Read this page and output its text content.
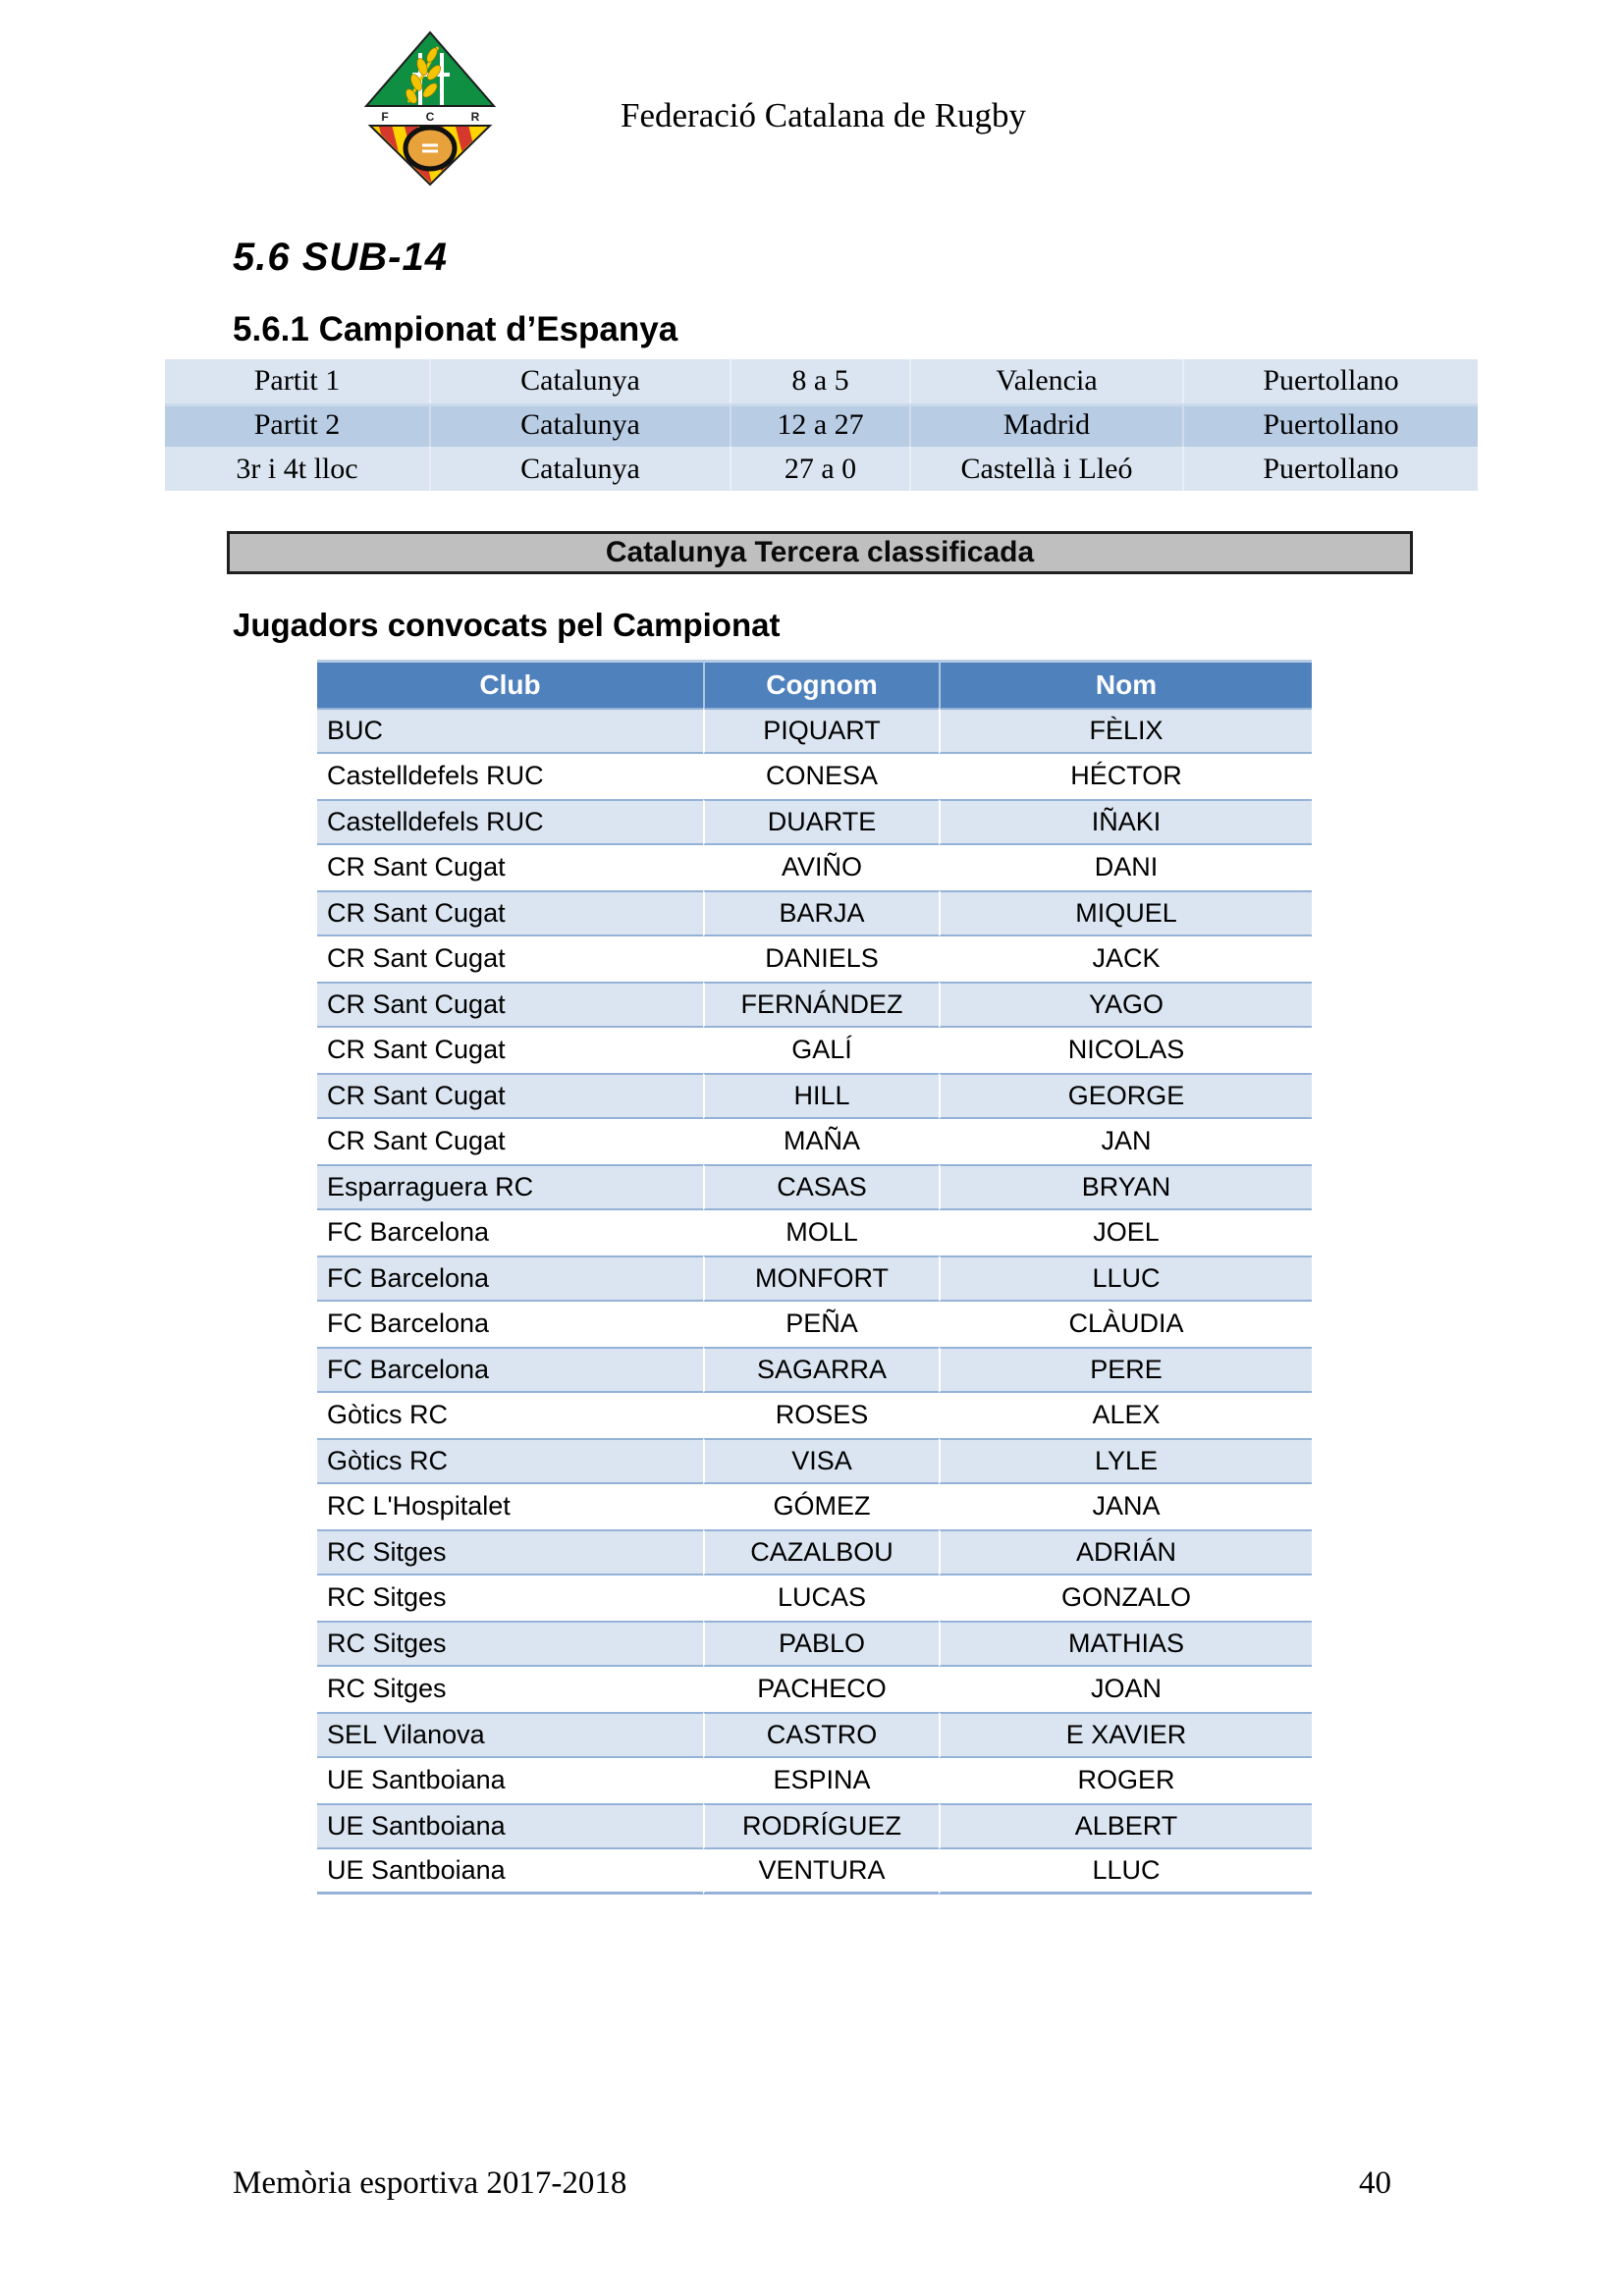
F	C	R	Federació Catalana de Rugby
5.6 SUB-14
5.6.1 Campionat d’Espanya
Partit 1	Catalunya	8 a 5	Valencia	Puertollano
Partit 2	Catalunya	12 a 27	Madrid	Puertollano
3r i 4t lloc	Catalunya	27 a 0	Castellà i Lleó	Puertollano
Catalunya Tercera classificada
Jugadors convocats pel Campionat
Club	Cognom	Nom
BUC	PIQUART	FÈLIX
Castelldefels RUC	CONESA	HÉCTOR
Castelldefels RUC	DUARTE	IÑAKI
CR Sant Cugat	AVIÑO	DANI
CR Sant Cugat	BARJA	MIQUEL
CR Sant Cugat	DANIELS	JACK
CR Sant Cugat	FERNÁNDEZ	YAGO
CR Sant Cugat	GALÍ	NICOLAS
CR Sant Cugat	HILL	GEORGE
CR Sant Cugat	MAÑA	JAN
Esparraguera RC	CASAS	BRYAN
FC Barcelona	MOLL	JOEL
FC Barcelona	MONFORT	LLUC
FC Barcelona	PEÑA	CLÀUDIA
FC Barcelona	SAGARRA	PERE
Gòtics RC	ROSES	ALEX
Gòtics RC	VISA	LYLE
RC L'Hospitalet	GÓMEZ	JANA
RC Sitges	CAZALBOU	ADRIÁN
RC Sitges	LUCAS	GONZALO
RC Sitges	PABLO	MATHIAS
RC Sitges	PACHECO	JOAN
SEL Vilanova	CASTRO	E XAVIER
UE Santboiana	ESPINA	ROGER
UE Santboiana	RODRÍGUEZ	ALBERT
UE Santboiana	VENTURA	LLUC
Memòria esportiva 2017-2018	40
